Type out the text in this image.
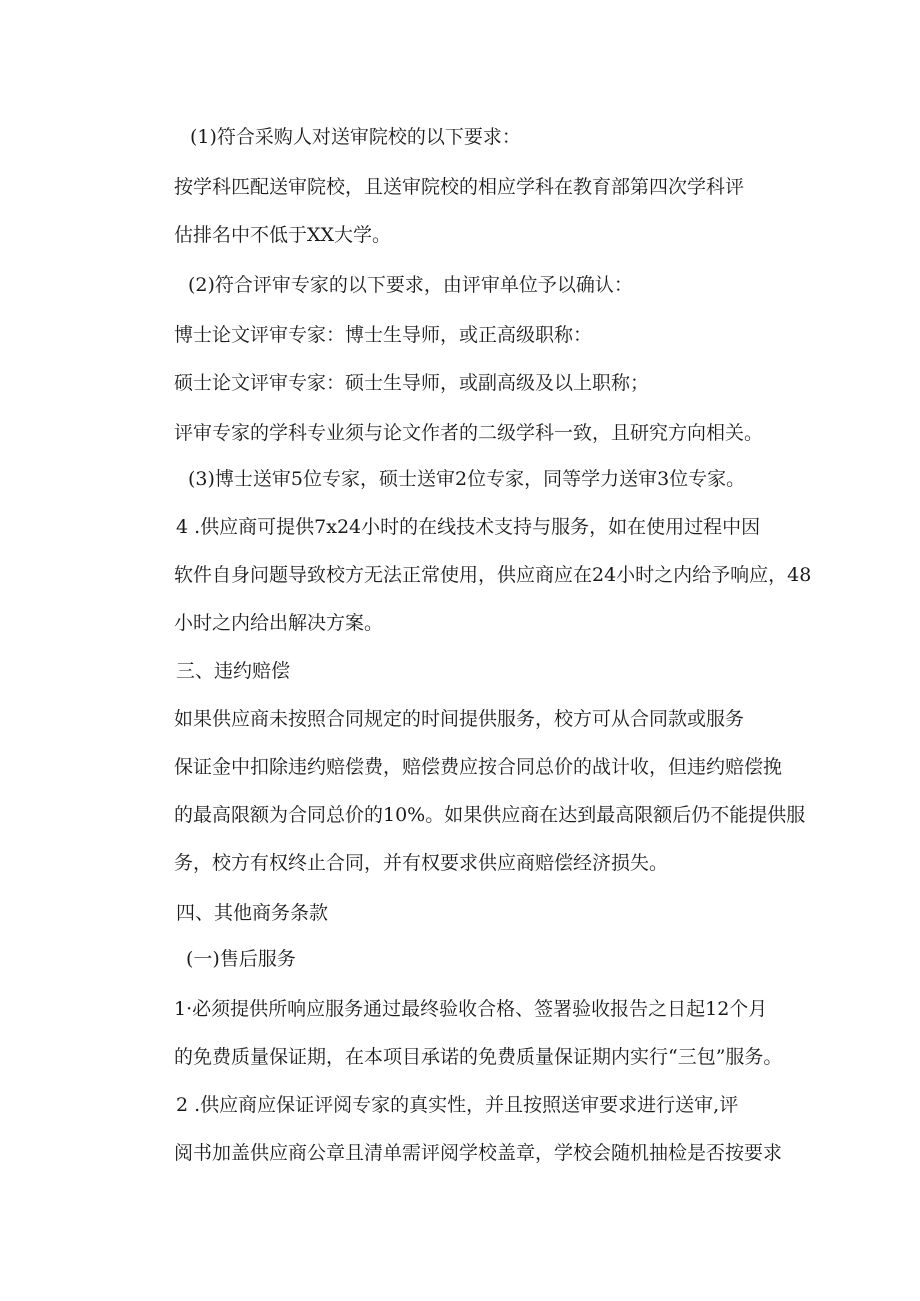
(1)符合采购人对送审院校的以下要求：

按学科匹配送审院校，且送审院校的相应学科在教育部第四次学科评

估排名中不低于XX大学。

(2)符合评审专家的以下要求，由评审单位予以确认：

博士论文评审专家：博士生导师，或正高级职称：

硕士论文评审专家：硕士生导师，或副高级及以上职称；

评审专家的学科专业须与论文作者的二级学科一致，且研究方向相关。

(3)博士送审5位专家，硕士送审2位专家，同等学力送审3位专家。

4 .供应商可提供7x24小时的在线技术支持与服务，如在使用过程中因

软件自身问题导致校方无法正常使用，供应商应在24小时之内给予响应，48

小时之内给出解决方案。

三、违约赔偿

如果供应商未按照合同规定的时间提供服务，校方可从合同款或服务

保证金中扣除违约赔偿费，赔偿费应按合同总价的战计收，但违约赔偿挽

的最高限额为合同总价的10%。如果供应商在达到最高限额后仍不能提供服

务，校方有权终止合同，并有权要求供应商赔偿经济损失。

四、其他商务条款

(一)售后服务

1·必须提供所响应服务通过最终验收合格、签署验收报告之日起12个月

的免费质量保证期，在本项目承诺的免费质量保证期内实行“三包”服务。

2 .供应商应保证评阅专家的真实性，并且按照送审要求进行送审,评

阅书加盖供应商公章且清单需评阅学校盖章，学校会随机抽检是否按要求
